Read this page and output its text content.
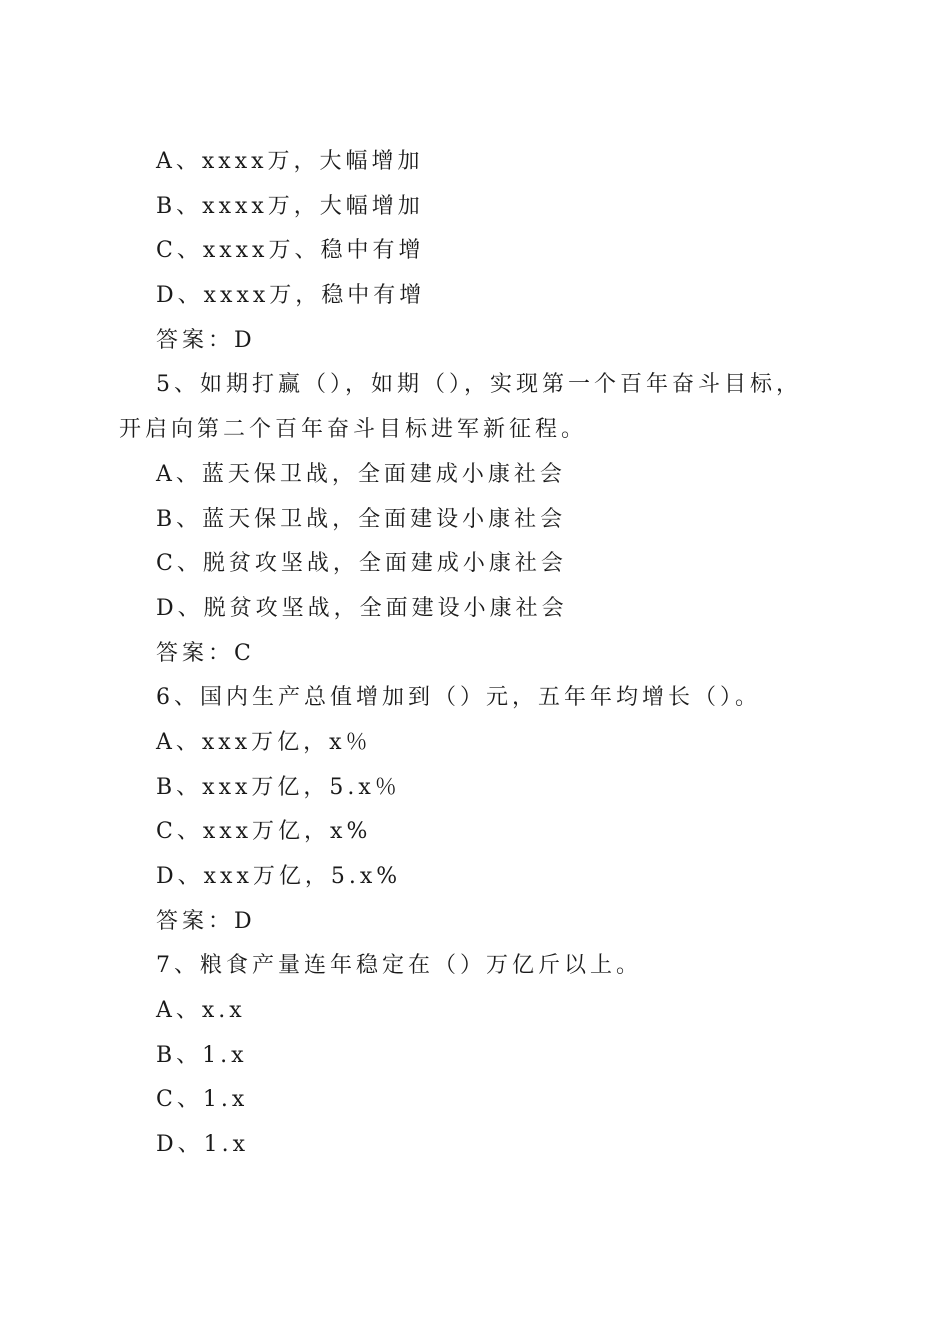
A、xxxx万，大幅增加
B、xxxx万，大幅增加
C、xxxx万、稳中有增
D、xxxx万，稳中有增
答案：D
5、如期打赢（），如期（），实现第一个百年奋斗目标，
开启向第二个百年奋斗目标进军新征程。
A、蓝天保卫战，全面建成小康社会
B、蓝天保卫战，全面建设小康社会
C、脱贫攻坚战，全面建成小康社会
D、脱贫攻坚战，全面建设小康社会
答案：C
6、国内生产总值增加到（）元，五年年均增长（）。
A、xxx万亿，x％
B、xxx万亿，5.x％
C、xxx万亿，x%
D、xxx万亿，5.x%
答案：D
7、粮食产量连年稳定在（）万亿斤以上。
A、x.x
B、1.x
C、1.x
D、1.x
